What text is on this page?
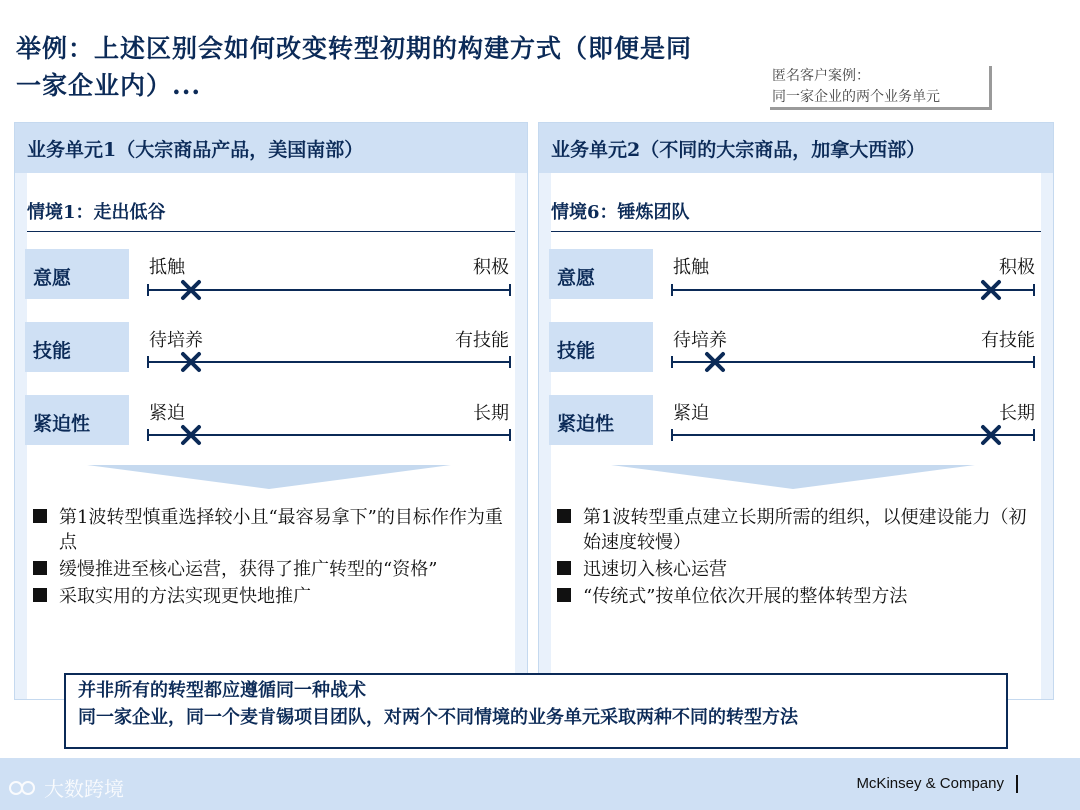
举例：上述区别会如何改变转型初期的构建方式（即便是同
一家企业内）...	匿名客户案例：
同一家企业的两个业务单元
业务单元1（大宗商品产品，美国南部）
情境1：走出低谷
意愿	抵触	积极
技能	待培养	有技能
紧迫性	紧迫	长期
第1波转型慎重选择较小且“最容易拿下”的目标作作为重点
缓慢推进至核心运营，获得了推广转型的“资格”
采取实用的方法实现更快地推广
业务单元2（不同的大宗商品，加拿大西部）
情境6：锤炼团队
意愿	抵触	积极
技能	待培养	有技能
紧迫性	紧迫	长期
第1波转型重点建立长期所需的组织，以便建设能力（初始速度较慢）
迅速切入核心运营
“传统式”按单位依次开展的整体转型方法
并非所有的转型都应遵循同一种战术
同一家企业，同一个麦肯锡项目团队，对两个不同情境的业务单元采取两种不同的转型方法
大数跨境	McKinsey & Company
